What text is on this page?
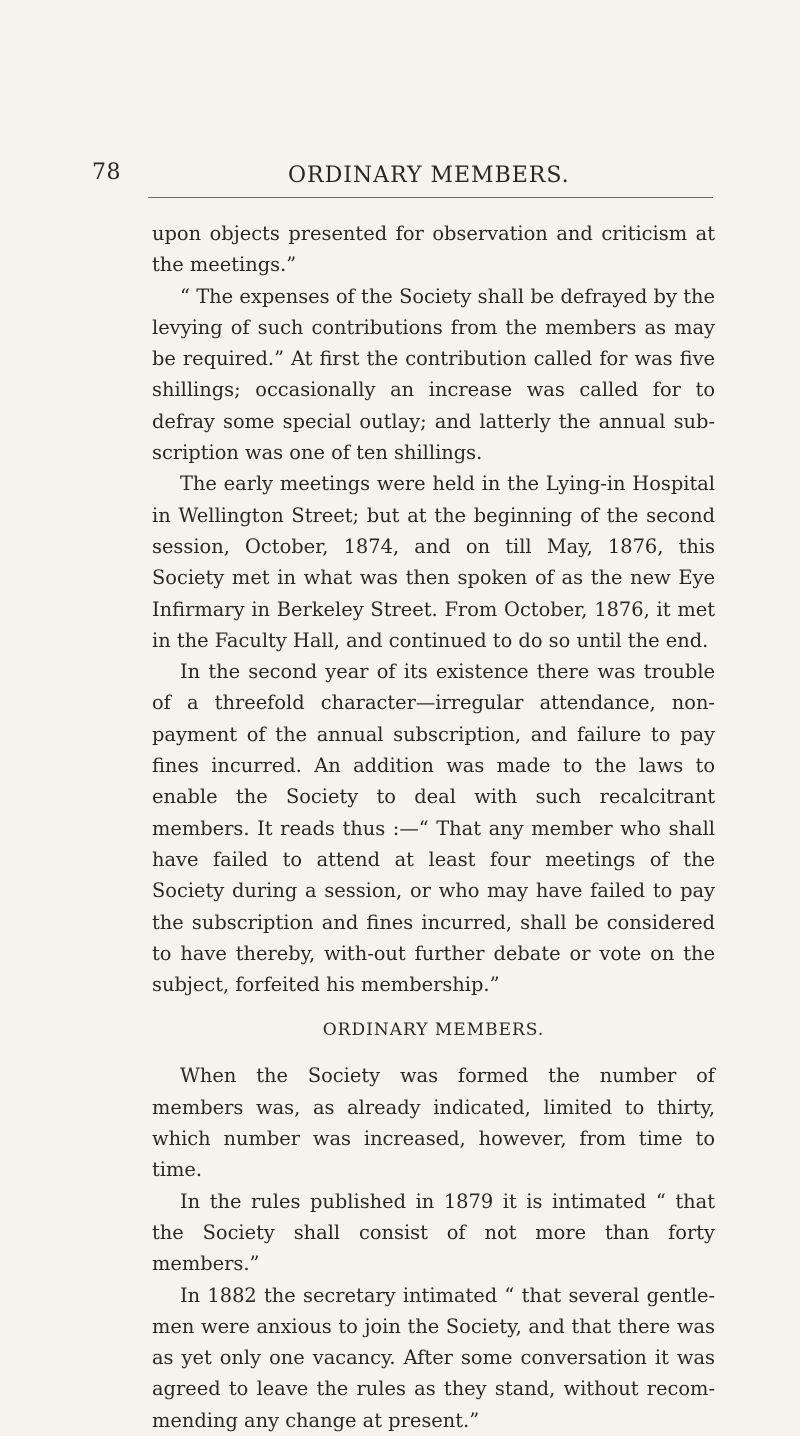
78	ORDINARY MEMBERS.

upon objects presented for observation and criticism at the meetings.”

“ The expenses of the Society shall be defrayed by the levying of such contributions from the members as may be required.” At first the contribution called for was five shillings; occasionally an increase was called for to defray some special outlay; and latterly the annual sub-scription was one of ten shillings.

The early meetings were held in the Lying-in Hospital in Wellington Street; but at the beginning of the second session, October, 1874, and on till May, 1876, this Society met in what was then spoken of as the new Eye Infirmary in Berkeley Street. From October, 1876, it met in the Faculty Hall, and continued to do so until the end.

In the second year of its existence there was trouble of a threefold character—irregular attendance, non-payment of the annual subscription, and failure to pay fines incurred. An addition was made to the laws to enable the Society to deal with such recalcitrant members. It reads thus :—“ That any member who shall have failed to attend at least four meetings of the Society during a session, or who may have failed to pay the subscription and fines incurred, shall be considered to have thereby, with-out further debate or vote on the subject, forfeited his membership.”

ORDINARY MEMBERS.

When the Society was formed the number of members was, as already indicated, limited to thirty, which number was increased, however, from time to time.

In the rules published in 1879 it is intimated “ that the Society shall consist of not more than forty members.”

In 1882 the secretary intimated “ that several gentle-men were anxious to join the Society, and that there was as yet only one vacancy. After some conversation it was agreed to leave the rules as they stand, without recom-mending any change at present.”
